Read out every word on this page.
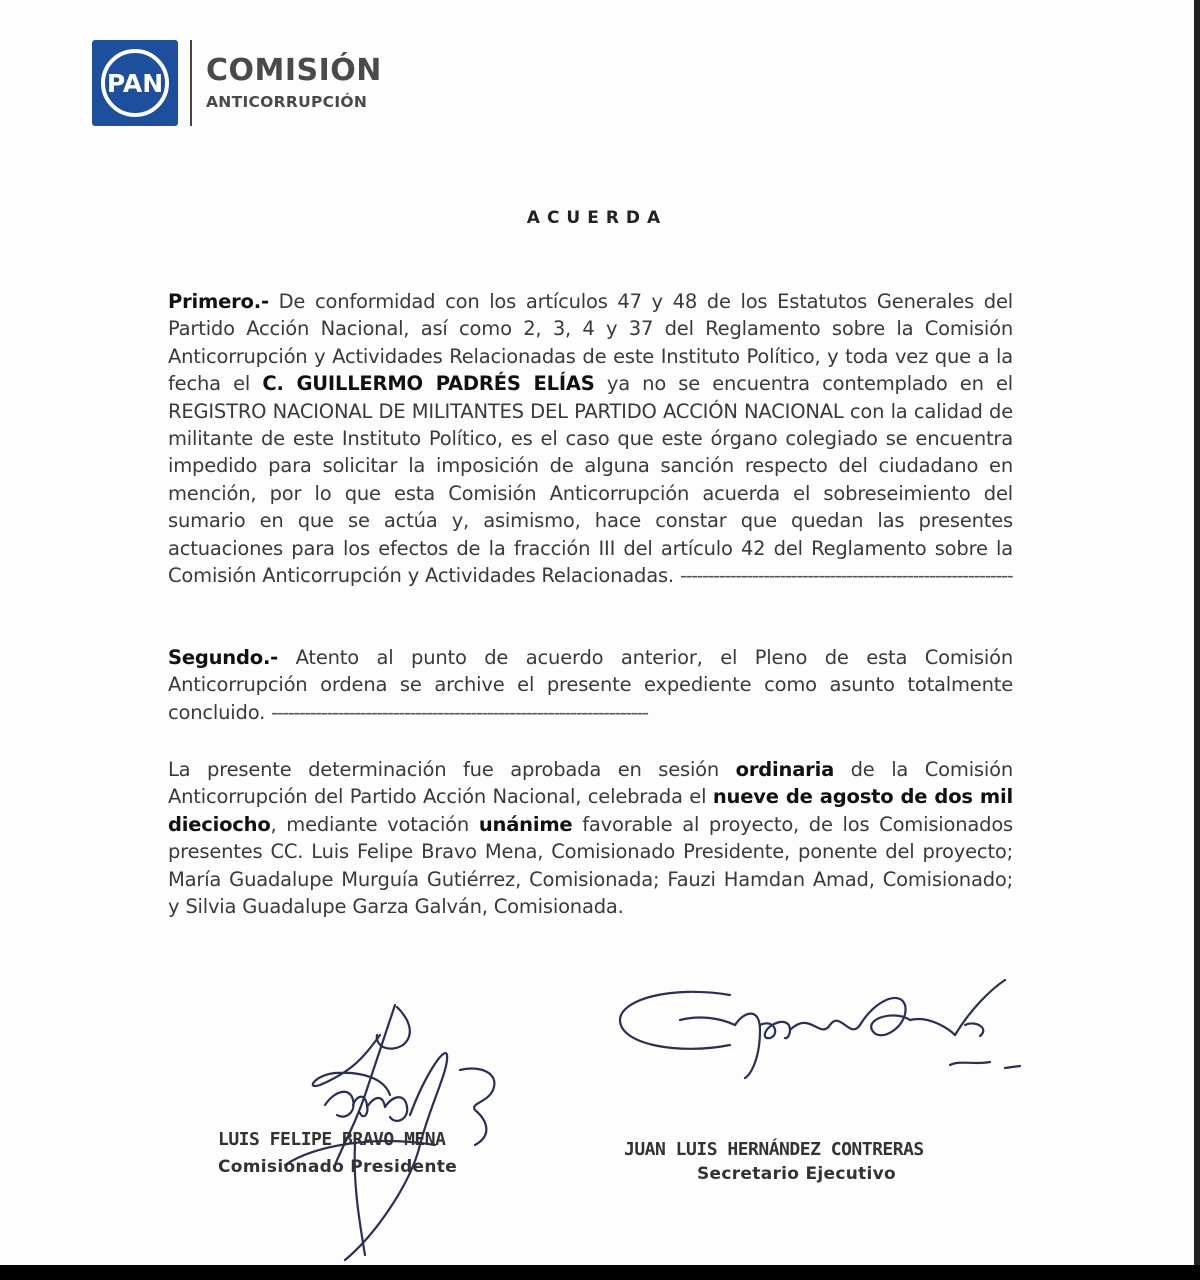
PAN COMISIÓN
ANTICORRUPCIÓN
ACUERDA
Primero.- De conformidad con los artículos 47 y 48 de los Estatutos Generales del Partido Acción Nacional, así como 2, 3, 4 y 37 del Reglamento sobre la Comisión Anticorrupción y Actividades Relacionadas de este Instituto Político, y toda vez que a la fecha el C. GUILLERMO PADRÉS ELÍAS ya no se encuentra contemplado en el REGISTRO NACIONAL DE MILITANTES DEL PARTIDO ACCIÓN NACIONAL con la calidad de militante de este Instituto Político, es el caso que este órgano colegiado se encuentra impedido para solicitar la imposición de alguna sanción respecto del ciudadano en mención, por lo que esta Comisión Anticorrupción acuerda el sobreseimiento del sumario en que se actúa y, asimismo, hace constar que quedan las presentes actuaciones para los efectos de la fracción III del artículo 42 del Reglamento sobre la Comisión Anticorrupción y Actividades Relacionadas. ------------------------------------------------------------
Segundo.- Atento al punto de acuerdo anterior, el Pleno de esta Comisión Anticorrupción ordena se archive el presente expediente como asunto totalmente concluido. --------------------------------------------------------------------
La presente determinación fue aprobada en sesión ordinaria de la Comisión Anticorrupción del Partido Acción Nacional, celebrada el nueve de agosto de dos mil dieciocho, mediante votación unánime favorable al proyecto, de los Comisionados presentes CC. Luis Felipe Bravo Mena, Comisionado Presidente, ponente del proyecto; María Guadalupe Murguía Gutiérrez, Comisionada; Fauzi Hamdan Amad, Comisionado; y Silvia Guadalupe Garza Galván, Comisionada.
LUIS FELIPE BRAVO MENA
Comisionado Presidente
JUAN LUIS HERNÁNDEZ CONTRERAS
Secretario Ejecutivo
